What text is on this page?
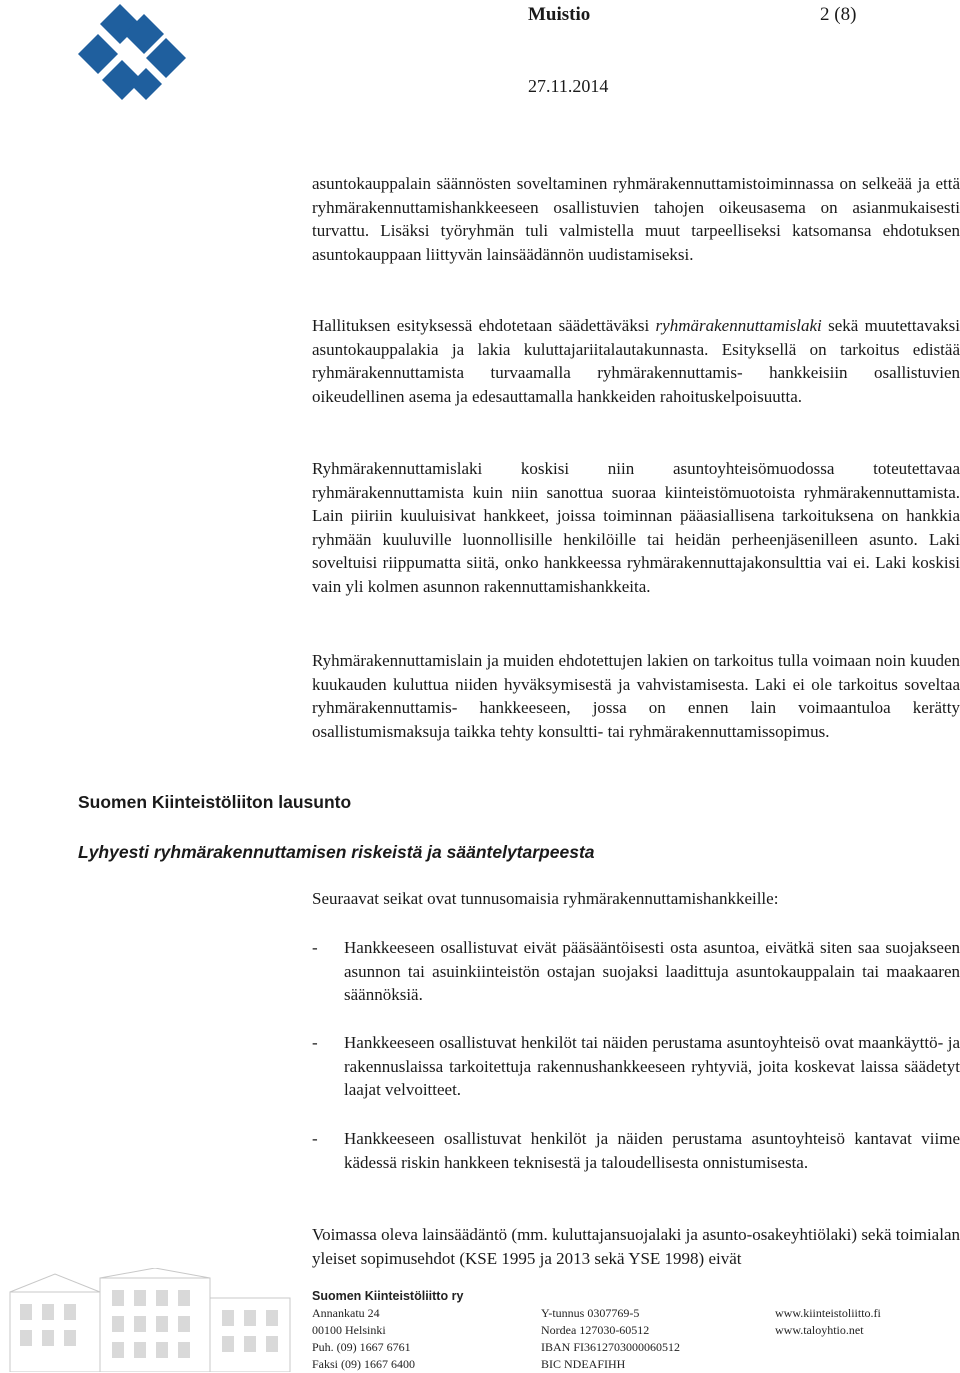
Muistio	2 (8)
27.11.2014

asuntokauppalain säännösten soveltaminen ryhmärakennuttamistoiminnassa on selkeää ja että ryhmärakennuttamishankkeeseen osallistuvien tahojen oikeusasema on asianmukaisesti turvattu. Lisäksi työryhmän tuli valmistella muut tarpeelliseksi katsomansa ehdotuksen asuntokauppaan liittyvän lainsäädännön uudistamiseksi.

Hallituksen esityksessä ehdotetaan säädettäväksi ryhmärakennuttamislaki sekä muutettavaksi asuntokauppalakia ja lakia kuluttajariitalautakunnasta. Esityksellä on tarkoitus edistää ryhmärakennuttamista turvaamalla ryhmärakennuttamis- hankkeisiin osallistuvien oikeudellinen asema ja edesauttamalla hankkeiden rahoituskelpoisuutta.

Ryhmärakennuttamislaki koskisi niin asuntoyhteisömuodossa toteutettavaa ryhmärakennuttamista kuin niin sanottua suoraa kiinteistömuotoista ryhmärakennuttamista. Lain piiriin kuuluisivat hankkeet, joissa toiminnan pääasiallisena tarkoituksena on hankkia ryhmään kuuluville luonnollisille henkilöille tai heidän perheenjäsenilleen asunto. Laki soveltuisi riippumatta siitä, onko hankkeessa ryhmärakennuttajakonsulttia vai ei. Laki koskisi vain yli kolmen asunnon rakennuttamishankkeita.

Ryhmärakennuttamislain ja muiden ehdotettujen lakien on tarkoitus tulla voimaan noin kuuden kuukauden kuluttua niiden hyväksymisestä ja vahvistamisesta. Laki ei ole tarkoitus soveltaa ryhmärakennuttamis- hankkeeseen, jossa on ennen lain voimaantuloa kerätty osallistumismaksuja taikka tehty konsultti- tai ryhmärakennuttamissopimus.

Suomen Kiinteistöliiton lausunto
Lyhyesti ryhmärakennuttamisen riskeistä ja sääntelytarpeesta

Seuraavat seikat ovat tunnusomaisia ryhmärakennuttamishankkeille:

- Hankkeeseen osallistuvat eivät pääsääntöisesti osta asuntoa, eivätkä siten saa suojakseen asunnon tai asuinkiinteistön ostajan suojaksi laadittuja asuntokauppalain tai maakaaren säännöksiä.
- Hankkeeseen osallistuvat henkilöt tai näiden perustama asuntoyhteisö ovat maankäyttö- ja rakennuslaissa tarkoitettuja rakennushankkeeseen ryhtyviä, joita koskevat laissa säädetyt laajat velvoitteet.
- Hankkeeseen osallistuvat henkilöt ja näiden perustama asuntoyhteisö kantavat viime kädessä riskin hankkeen teknisestä ja taloudellisesta onnistumisesta.

Voimassa oleva lainsäädäntö (mm. kuluttajansuojalaki ja asunto-osakeyhtiölaki) sekä toimialan yleiset sopimusehdot (KSE 1995 ja 2013 sekä YSE 1998) eivät

Suomen Kiinteistöliitto ry
Annankatu 24
00100 Helsinki
Puh. (09) 1667 6761
Faksi (09) 1667 6400
Y-tunnus 0307769-5
Nordea 127030-60512
IBAN FI3612703000060512
BIC NDEAFIHH
www.kiinteistoliitto.fi
www.taloyhtio.net
